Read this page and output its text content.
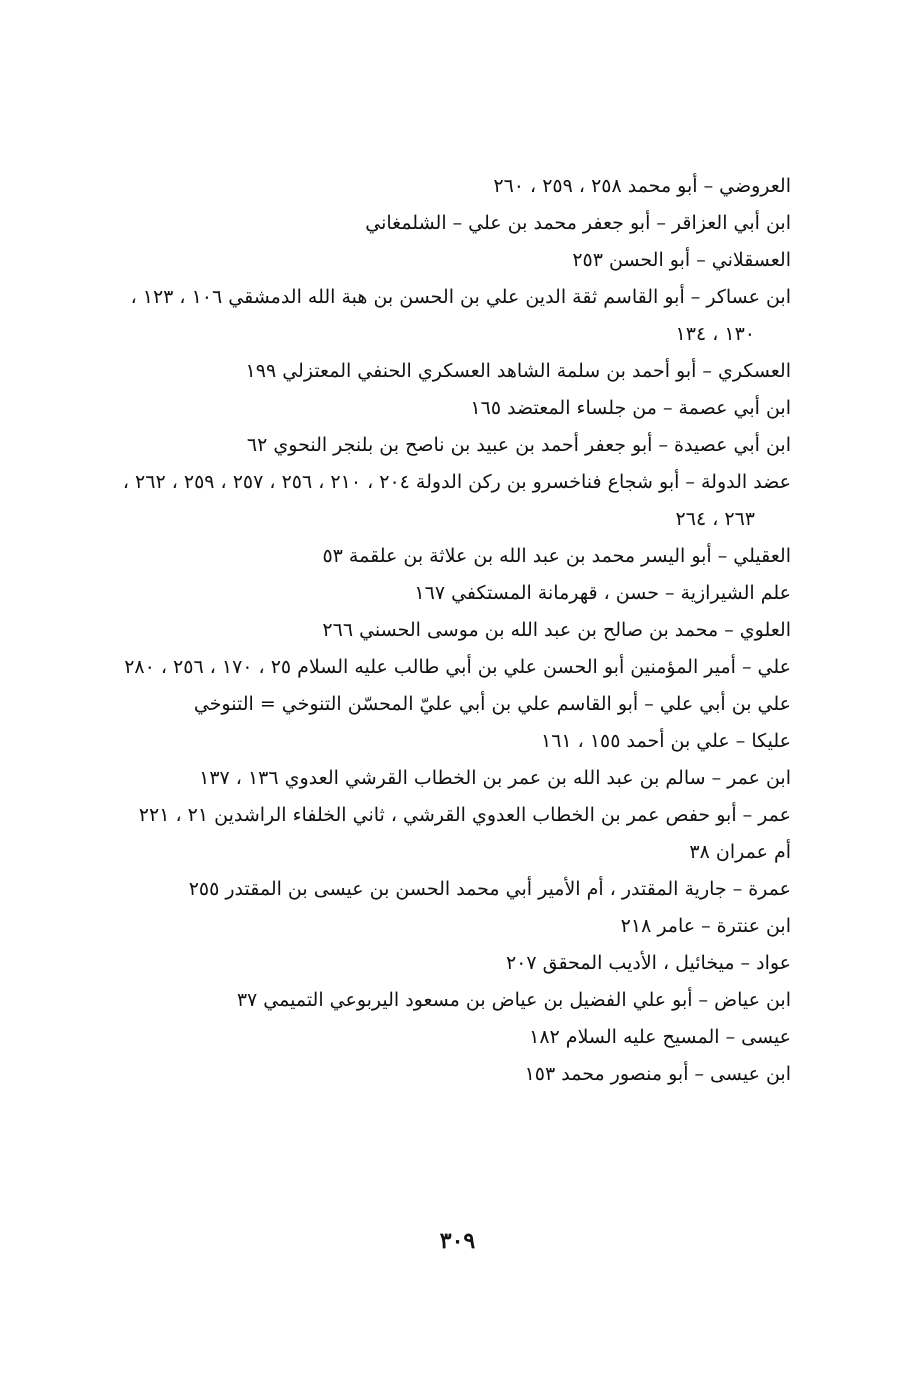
العروضي – أبو محمد ٢٥٨ ، ٢٥٩ ، ٢٦٠

ابن أبي العزاقر – أبو جعفر محمد بن علي – الشلمغاني

العسقلاني – أبو الحسن ٢٥٣

ابن عساكر – أبو القاسم ثقة الدين علي بن الحسن بن هبة الله الدمشقي ١٠٦ ، ١٢٣ ، ١٣٠ ، ١٣٤

العسكري – أبو أحمد بن سلمة الشاهد العسكري الحنفي المعتزلي ١٩٩

ابن أبي عصمة – من جلساء المعتضد ١٦٥

ابن أبي عصيدة – أبو جعفر أحمد بن عبيد بن ناصح بن بلنجر النحوي ٦٢

عضد الدولة – أبو شجاع فناخسرو بن ركن الدولة ٢٠٤ ، ٢١٠ ، ٢٥٦ ، ٢٥٧ ، ٢٥٩ ، ٢٦٢ ، ٢٦٣ ، ٢٦٤

العقيلي – أبو اليسر محمد بن عبد الله بن علاثة بن علقمة ٥٣

علم الشيرازية – حسن ، قهرمانة المستكفي ١٦٧

العلوي – محمد بن صالح بن عبد الله بن موسى الحسني ٢٦٦

علي – أمير المؤمنين أبو الحسن علي بن أبي طالب عليه السلام ٢٥ ، ١٧٠ ، ٢٥٦ ، ٢٨٠

علي بن أبي علي – أبو القاسم علي بن أبي عليّ المحسّن التنوخي = التنوخي

عليكا – علي بن أحمد ١٥٥ ، ١٦١

ابن عمر – سالم بن عبد الله بن عمر بن الخطاب القرشي العدوي ١٣٦ ، ١٣٧

عمر – أبو حفص عمر بن الخطاب العدوي القرشي ، ثاني الخلفاء الراشدين ٢١ ، ٢٢١

أم عمران ٣٨

عمرة – جارية المقتدر ، أم الأمير أبي محمد الحسن بن عيسى بن المقتدر ٢٥٥

ابن عنترة – عامر ٢١٨

عواد – ميخائيل ، الأديب المحقق ٢٠٧

ابن عياض – أبو علي الفضيل بن عياض بن مسعود اليربوعي التميمي ٣٧

عيسى – المسيح عليه السلام ١٨٢

ابن عيسى – أبو منصور محمد ١٥٣

٣٠٩
